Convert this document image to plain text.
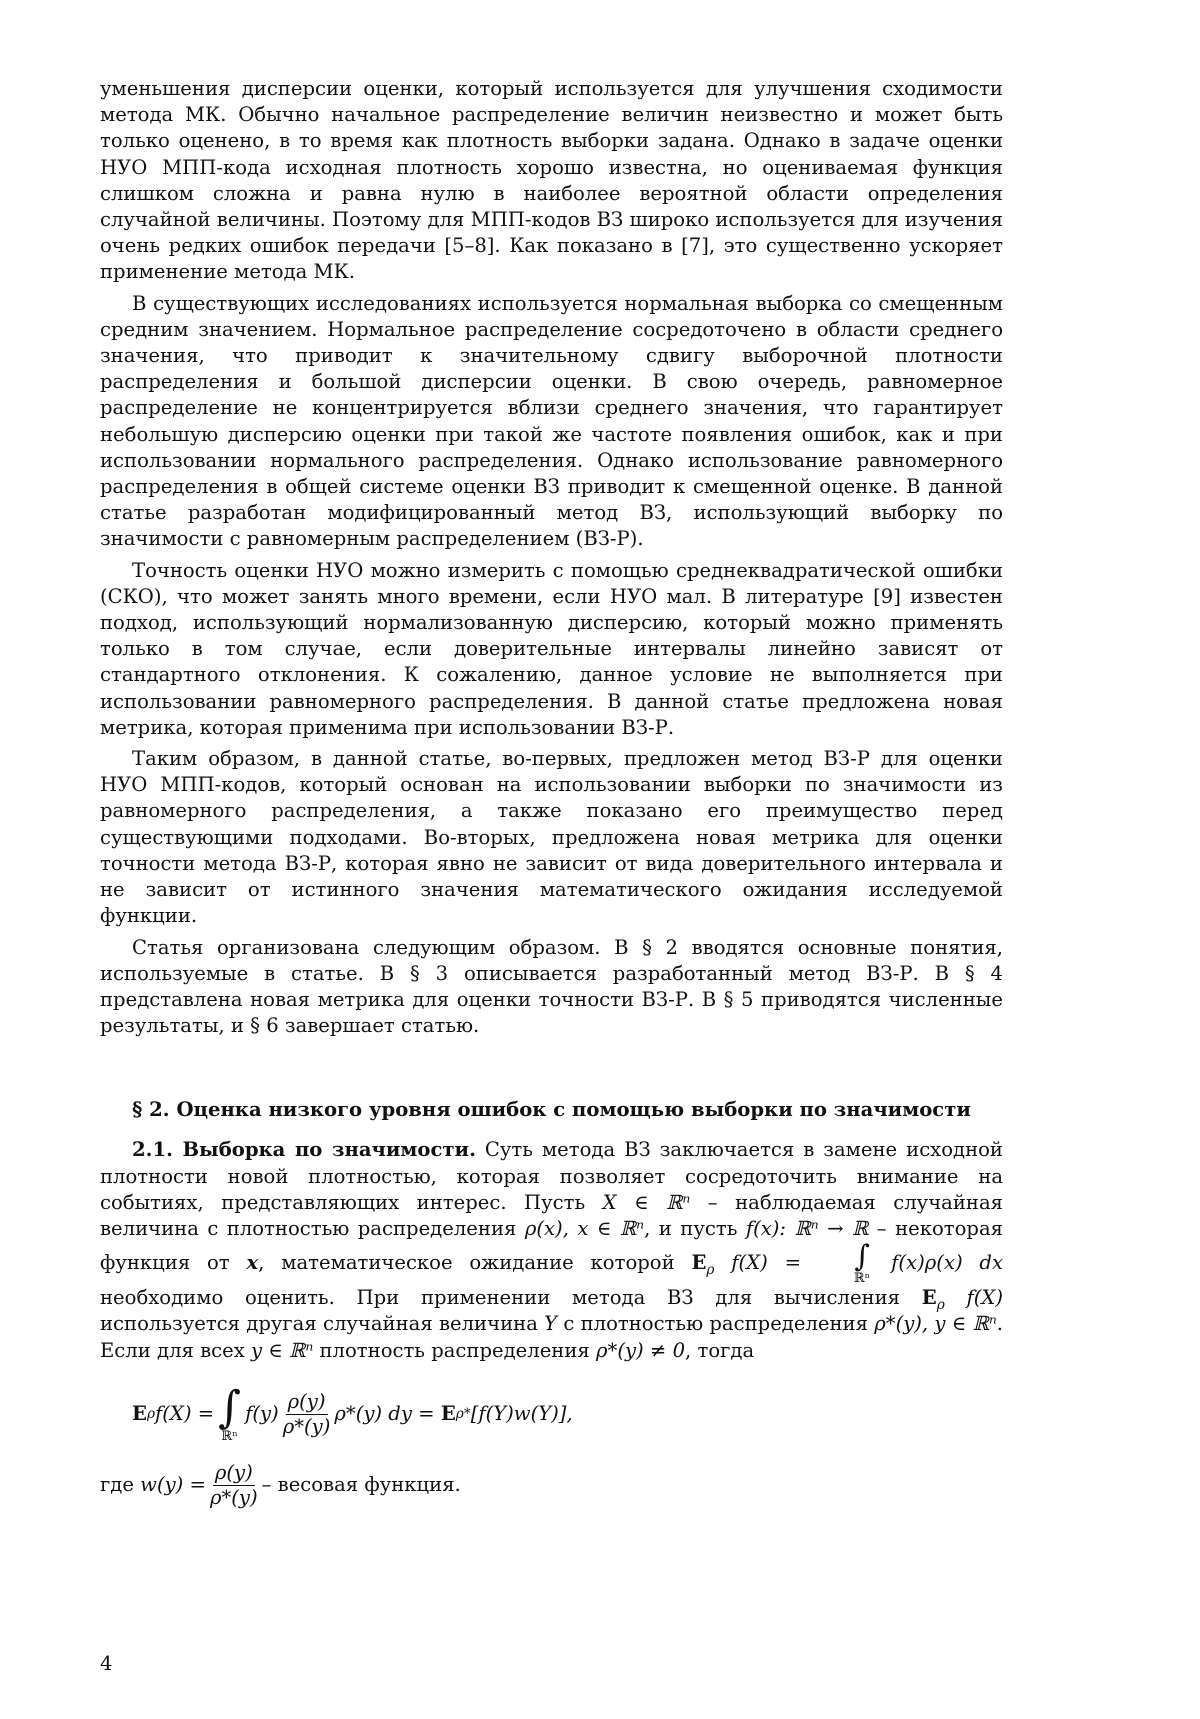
уменьшения дисперсии оценки, который используется для улучшения сходимости метода МК. Обычно начальное распределение величин неизвестно и может быть только оценено, в то время как плотность выборки задана. Однако в задаче оценки НУО МПП-кода исходная плотность хорошо известна, но оцениваемая функция слишком сложна и равна нулю в наиболее вероятной области определения случайной величины. Поэтому для МПП-кодов ВЗ широко используется для изучения очень редких ошибок передачи [5–8]. Как показано в [7], это существенно ускоряет применение метода МК.

В существующих исследованиях используется нормальная выборка со смещенным средним значением. Нормальное распределение сосредоточено в области среднего значения, что приводит к значительному сдвигу выборочной плотности распределения и большой дисперсии оценки. В свою очередь, равномерное распределение не концентрируется вблизи среднего значения, что гарантирует небольшую дисперсию оценки при такой же частоте появления ошибок, как и при использовании нормального распределения. Однако использование равномерного распределения в общей системе оценки ВЗ приводит к смещенной оценке. В данной статье разработан модифицированный метод ВЗ, использующий выборку по значимости с равномерным распределением (ВЗ-Р).

Точность оценки НУО можно измерить с помощью среднеквадратической ошибки (СКО), что может занять много времени, если НУО мал. В литературе [9] известен подход, использующий нормализованную дисперсию, который можно применять только в том случае, если доверительные интервалы линейно зависят от стандартного отклонения. К сожалению, данное условие не выполняется при использовании равномерного распределения. В данной статье предложена новая метрика, которая применима при использовании ВЗ-Р.

Таким образом, в данной статье, во-первых, предложен метод ВЗ-Р для оценки НУО МПП-кодов, который основан на использовании выборки по значимости из равномерного распределения, а также показано его преимущество перед существующими подходами. Во-вторых, предложена новая метрика для оценки точности метода ВЗ-Р, которая явно не зависит от вида доверительного интервала и не зависит от истинного значения математического ожидания исследуемой функции.

Статья организована следующим образом. В § 2 вводятся основные понятия, используемые в статье. В § 3 описывается разработанный метод ВЗ-Р. В § 4 представлена новая метрика для оценки точности ВЗ-Р. В § 5 приводятся численные результаты, и § 6 завершает статью.

§ 2. Оценка низкого уровня ошибок с помощью выборки по значимости

2.1. Выборка по значимости. Суть метода ВЗ заключается в замене исходной плотности новой плотностью, которая позволяет сосредоточить внимание на событиях, представляющих интерес. Пусть X ∈ ℝⁿ – наблюдаемая случайная величина с плотностью распределения ρ(x), x ∈ ℝⁿ, и пусть f(x): ℝⁿ → ℝ – некоторая функция от x, математическое ожидание которой Eρ f(X) =	∫
ℝⁿ
f(x)ρ(x) dx необходимо оценить. При применении метода ВЗ для вычисления Eρ f(X) используется другая случайная величина Y с плотностью распределения ρ*(y), y ∈ ℝⁿ. Если для всех y ∈ ℝⁿ плотность распределения ρ*(y) ≠ 0, тогда

E ρ f(X) = ∫
ℝⁿ
f(y)
ρ(y)
ρ*(y)
ρ*(y) dy =
E ρ* [f(Y)w(Y)],
где
w(y) =
ρ(y)
ρ*(y)
– весовая функция.
4
